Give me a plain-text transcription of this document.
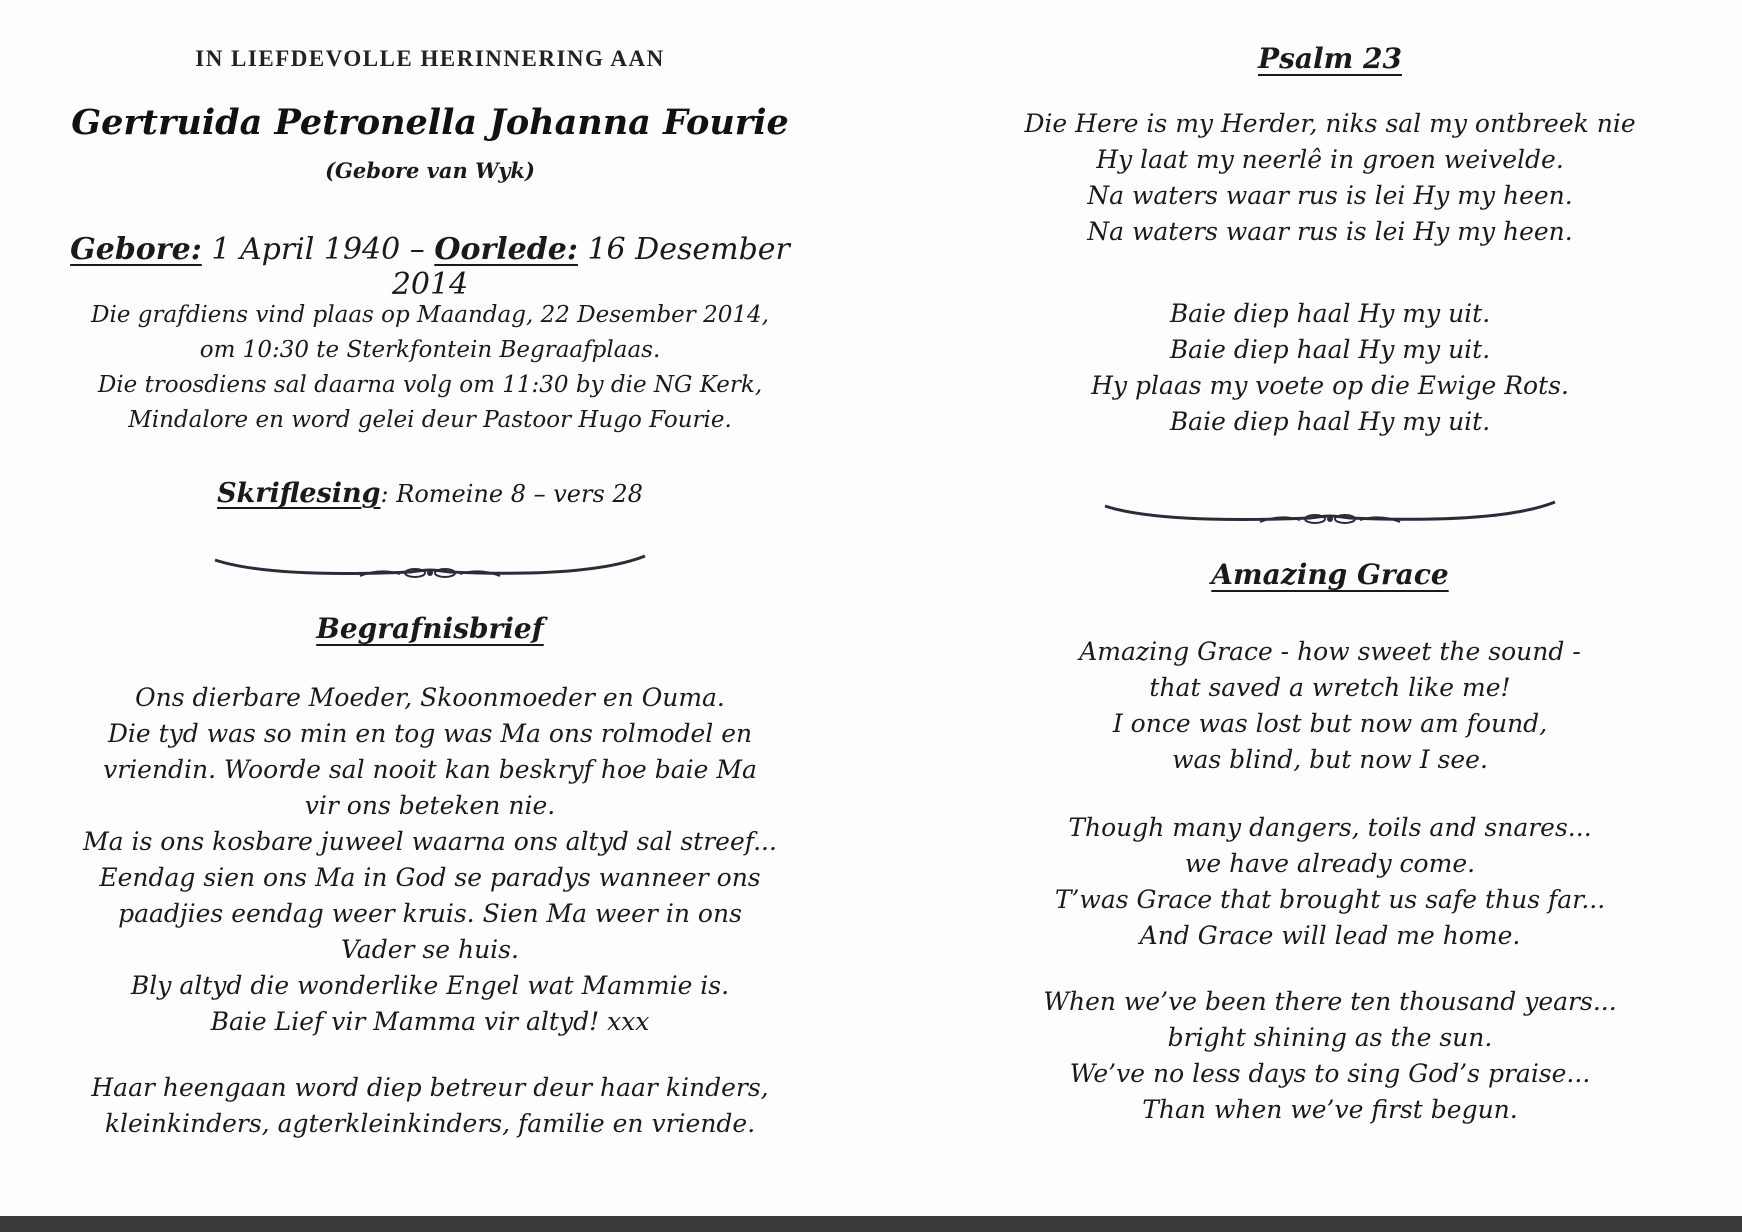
IN LIEFDEVOLLE HERINNERING AAN
Gertruida Petronella Johanna Fourie
(Gebore van Wyk)
Gebore: 1 April 1940 – Oorlede: 16 Desember 2014

Die grafdiens vind plaas op Maandag, 22 Desember 2014,

om 10:30 te Sterkfontein Begraafplaas.

Die troosdiens sal daarna volg om 11:30 by die NG Kerk,

Mindalore en word gelei deur Pastoor Hugo Fourie.

Skriflesing: Romeine 8 – vers 28
Begrafnisbrief

Ons dierbare Moeder, Skoonmoeder en Ouma.

Die tyd was so min en tog was Ma ons rolmodel en

vriendin. Woorde sal nooit kan beskryf hoe baie Ma

vir ons beteken nie.

Ma is ons kosbare juweel waarna ons altyd sal streef...

Eendag sien ons Ma in God se paradys wanneer ons

paadjies eendag weer kruis. Sien Ma weer in ons

Vader se huis.

Bly altyd die wonderlike Engel wat Mammie is.

Baie Lief vir Mamma vir altyd! xxx

Haar heengaan word diep betreur deur haar kinders,

kleinkinders, agterkleinkinders, familie en vriende.

Psalm 23

Die Here is my Herder, niks sal my ontbreek nie

Hy laat my neerlê in groen weivelde.

Na waters waar rus is lei Hy my heen.

Na waters waar rus is lei Hy my heen.

Baie diep haal Hy my uit.

Baie diep haal Hy my uit.

Hy plaas my voete op die Ewige Rots.

Baie diep haal Hy my uit.

Amazing Grace

Amazing Grace - how sweet the sound -

that saved a wretch like me!

I once was lost but now am found,

was blind, but now I see.

Though many dangers, toils and snares...

we have already come.

T’was Grace that brought us safe thus far...

And Grace will lead me home.

When we’ve been there ten thousand years...

bright shining as the sun.

We’ve no less days to sing God’s praise...

Than when we’ve first begun.
